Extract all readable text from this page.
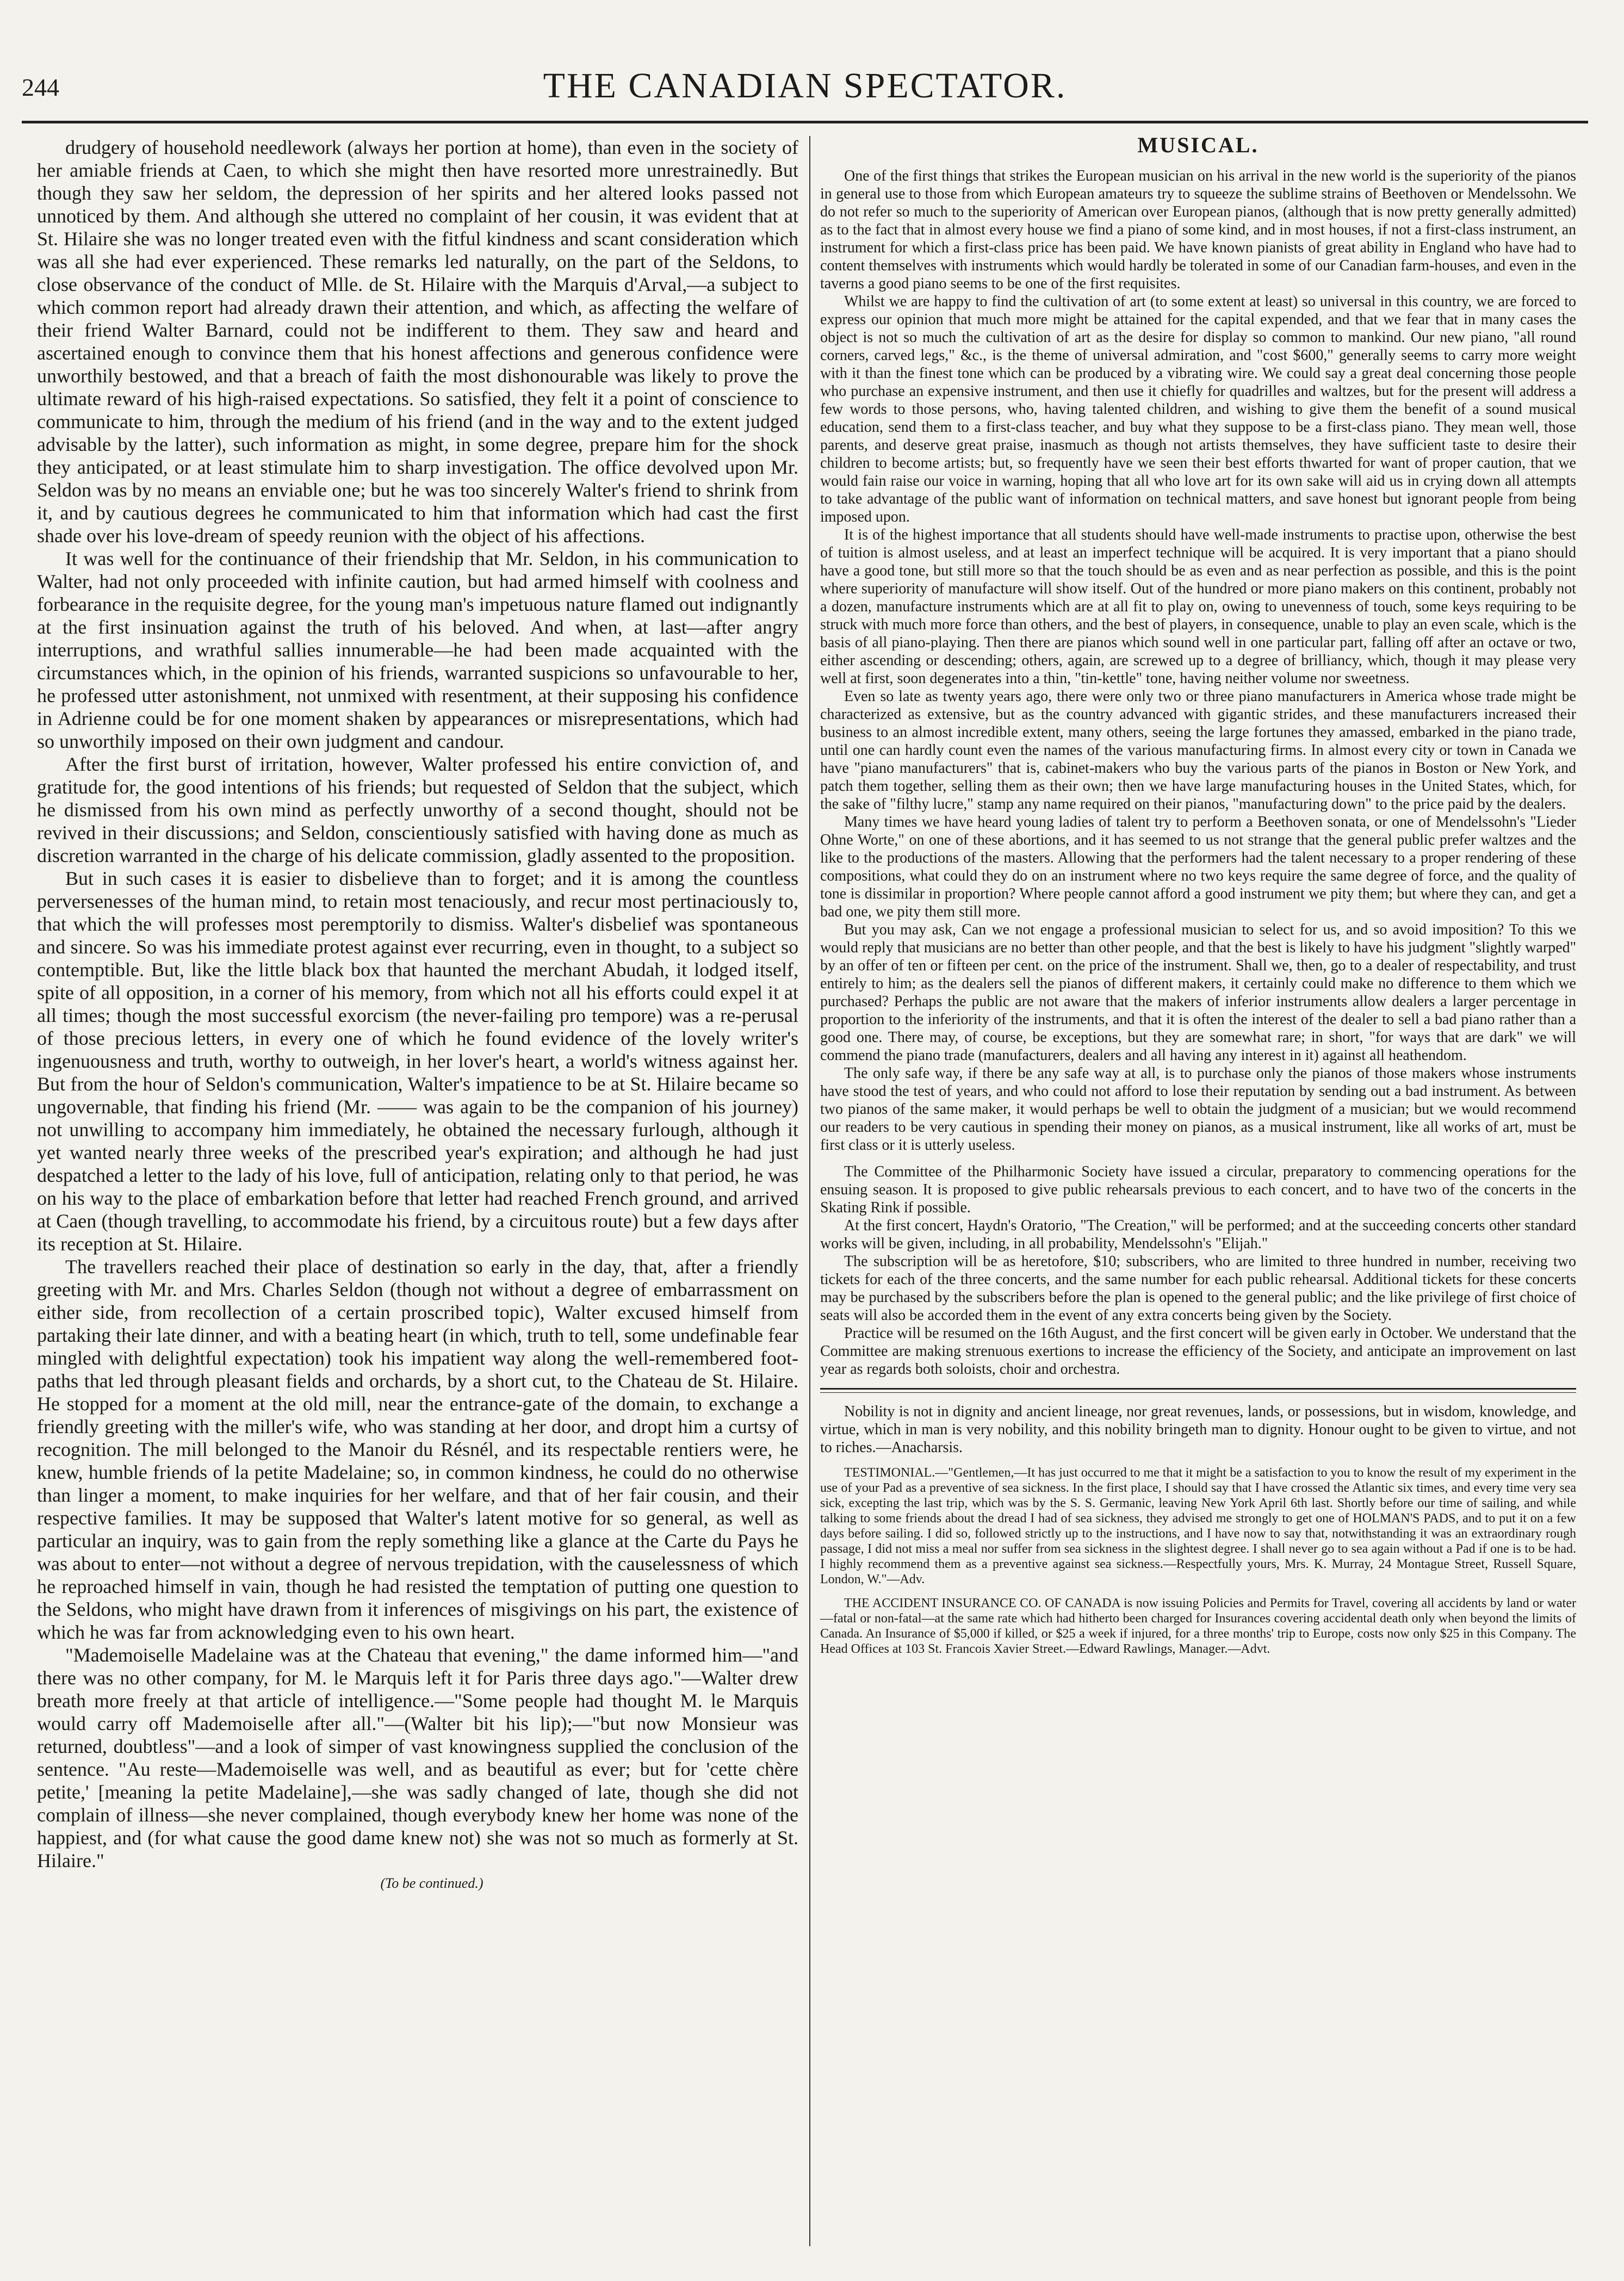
244	THE CANADIAN SPECTATOR.

drudgery of household needlework (always her portion at home), than even in the society of her amiable friends at Caen, to which she might then have resorted more unrestrainedly. But though they saw her seldom, the depression of her spirits and her altered looks passed not unnoticed by them. And although she uttered no complaint of her cousin, it was evident that at St. Hilaire she was no longer treated even with the fitful kindness and scant consideration which was all she had ever experienced. These remarks led naturally, on the part of the Seldons, to close observance of the conduct of Mlle. de St. Hilaire with the Marquis d'Arval,—a subject to which common report had already drawn their attention, and which, as affecting the welfare of their friend Walter Barnard, could not be indifferent to them. They saw and heard and ascertained enough to convince them that his honest affections and generous confidence were unworthily bestowed, and that a breach of faith the most dishonourable was likely to prove the ultimate reward of his high-raised expectations. So satisfied, they felt it a point of conscience to communicate to him, through the medium of his friend (and in the way and to the extent judged advisable by the latter), such information as might, in some degree, prepare him for the shock they anticipated, or at least stimulate him to sharp investigation. The office devolved upon Mr. Seldon was by no means an enviable one; but he was too sincerely Walter's friend to shrink from it, and by cautious degrees he communicated to him that information which had cast the first shade over his love-dream of speedy reunion with the object of his affections.

It was well for the continuance of their friendship that Mr. Seldon, in his communication to Walter, had not only proceeded with infinite caution, but had armed himself with coolness and forbearance in the requisite degree, for the young man's impetuous nature flamed out indignantly at the first insinuation against the truth of his beloved. And when, at last—after angry interruptions, and wrathful sallies innumerable—he had been made acquainted with the circumstances which, in the opinion of his friends, warranted suspicions so unfavourable to her, he professed utter astonishment, not unmixed with resentment, at their supposing his confidence in Adrienne could be for one moment shaken by appearances or misrepresentations, which had so unworthily imposed on their own judgment and candour.

After the first burst of irritation, however, Walter professed his entire conviction of, and gratitude for, the good intentions of his friends; but requested of Seldon that the subject, which he dismissed from his own mind as perfectly unworthy of a second thought, should not be revived in their discussions; and Seldon, conscientiously satisfied with having done as much as discretion warranted in the charge of his delicate commission, gladly assented to the proposition.

But in such cases it is easier to disbelieve than to forget; and it is among the countless perversenesses of the human mind, to retain most tenaciously, and recur most pertinaciously to, that which the will professes most peremptorily to dismiss. Walter's disbelief was spontaneous and sincere. So was his immediate protest against ever recurring, even in thought, to a subject so contemptible. But, like the little black box that haunted the merchant Abudah, it lodged itself, spite of all opposition, in a corner of his memory, from which not all his efforts could expel it at all times; though the most successful exorcism (the never-failing pro tempore) was a re-perusal of those precious letters, in every one of which he found evidence of the lovely writer's ingenuousness and truth, worthy to outweigh, in her lover's heart, a world's witness against her. But from the hour of Seldon's communication, Walter's impatience to be at St. Hilaire became so ungovernable, that finding his friend (Mr. —— was again to be the companion of his journey) not unwilling to accompany him immediately, he obtained the necessary furlough, although it yet wanted nearly three weeks of the prescribed year's expiration; and although he had just despatched a letter to the lady of his love, full of anticipation, relating only to that period, he was on his way to the place of embarkation before that letter had reached French ground, and arrived at Caen (though travelling, to accommodate his friend, by a circuitous route) but a few days after its reception at St. Hilaire.

The travellers reached their place of destination so early in the day, that, after a friendly greeting with Mr. and Mrs. Charles Seldon (though not without a degree of embarrassment on either side, from recollection of a certain proscribed topic), Walter excused himself from partaking their late dinner, and with a beating heart (in which, truth to tell, some undefinable fear mingled with delightful expectation) took his impatient way along the well-remembered foot-paths that led through pleasant fields and orchards, by a short cut, to the Chateau de St. Hilaire. He stopped for a moment at the old mill, near the entrance-gate of the domain, to exchange a friendly greeting with the miller's wife, who was standing at her door, and dropt him a curtsy of recognition. The mill belonged to the Manoir du Résnél, and its respectable rentiers were, he knew, humble friends of la petite Madelaine; so, in common kindness, he could do no otherwise than linger a moment, to make inquiries for her welfare, and that of her fair cousin, and their respective families. It may be supposed that Walter's latent motive for so general, as well as particular an inquiry, was to gain from the reply something like a glance at the Carte du Pays he was about to enter—not without a degree of nervous trepidation, with the causelessness of which he reproached himself in vain, though he had resisted the temptation of putting one question to the Seldons, who might have drawn from it inferences of misgivings on his part, the existence of which he was far from acknowledging even to his own heart.

"Mademoiselle Madelaine was at the Chateau that evening," the dame informed him—"and there was no other company, for M. le Marquis left it for Paris three days ago."—Walter drew breath more freely at that article of intelligence.—"Some people had thought M. le Marquis would carry off Mademoiselle after all."—(Walter bit his lip);—"but now Monsieur was returned, doubtless"—and a look of simper of vast knowingness supplied the conclusion of the sentence. "Au reste—Mademoiselle was well, and as beautiful as ever; but for 'cette chère petite,' [meaning la petite Madelaine],—she was sadly changed of late, though she did not complain of illness—she never complained, though everybody knew her home was none of the happiest, and (for what cause the good dame knew not) she was not so much as formerly at St. Hilaire."

(To be continued.)

MUSICAL.

One of the first things that strikes the European musician on his arrival in the new world is the superiority of the pianos in general use to those from which European amateurs try to squeeze the sublime strains of Beethoven or Mendelssohn. We do not refer so much to the superiority of American over European pianos, (although that is now pretty generally admitted) as to the fact that in almost every house we find a piano of some kind, and in most houses, if not a first-class instrument, an instrument for which a first-class price has been paid. We have known pianists of great ability in England who have had to content themselves with instruments which would hardly be tolerated in some of our Canadian farm-houses, and even in the taverns a good piano seems to be one of the first requisites.

Whilst we are happy to find the cultivation of art (to some extent at least) so universal in this country, we are forced to express our opinion that much more might be attained for the capital expended, and that we fear that in many cases the object is not so much the cultivation of art as the desire for display so common to mankind. Our new piano, "all round corners, carved legs," &c., is the theme of universal admiration, and "cost $600," generally seems to carry more weight with it than the finest tone which can be produced by a vibrating wire. We could say a great deal concerning those people who purchase an expensive instrument, and then use it chiefly for quadrilles and waltzes, but for the present will address a few words to those persons, who, having talented children, and wishing to give them the benefit of a sound musical education, send them to a first-class teacher, and buy what they suppose to be a first-class piano. They mean well, those parents, and deserve great praise, inasmuch as though not artists themselves, they have sufficient taste to desire their children to become artists; but, so frequently have we seen their best efforts thwarted for want of proper caution, that we would fain raise our voice in warning, hoping that all who love art for its own sake will aid us in crying down all attempts to take advantage of the public want of information on technical matters, and save honest but ignorant people from being imposed upon.

It is of the highest importance that all students should have well-made instruments to practise upon, otherwise the best of tuition is almost useless, and at least an imperfect technique will be acquired. It is very important that a piano should have a good tone, but still more so that the touch should be as even and as near perfection as possible, and this is the point where superiority of manufacture will show itself. Out of the hundred or more piano makers on this continent, probably not a dozen, manufacture instruments which are at all fit to play on, owing to unevenness of touch, some keys requiring to be struck with much more force than others, and the best of players, in consequence, unable to play an even scale, which is the basis of all piano-playing. Then there are pianos which sound well in one particular part, falling off after an octave or two, either ascending or descending; others, again, are screwed up to a degree of brilliancy, which, though it may please very well at first, soon degenerates into a thin, "tin-kettle" tone, having neither volume nor sweetness.

Even so late as twenty years ago, there were only two or three piano manufacturers in America whose trade might be characterized as extensive, but as the country advanced with gigantic strides, and these manufacturers increased their business to an almost incredible extent, many others, seeing the large fortunes they amassed, embarked in the piano trade, until one can hardly count even the names of the various manufacturing firms. In almost every city or town in Canada we have "piano manufacturers" that is, cabinet-makers who buy the various parts of the pianos in Boston or New York, and patch them together, selling them as their own; then we have large manufacturing houses in the United States, which, for the sake of "filthy lucre," stamp any name required on their pianos, "manufacturing down" to the price paid by the dealers.

Many times we have heard young ladies of talent try to perform a Beethoven sonata, or one of Mendelssohn's "Lieder Ohne Worte," on one of these abortions, and it has seemed to us not strange that the general public prefer waltzes and the like to the productions of the masters. Allowing that the performers had the talent necessary to a proper rendering of these compositions, what could they do on an instrument where no two keys require the same degree of force, and the quality of tone is dissimilar in proportion? Where people cannot afford a good instrument we pity them; but where they can, and get a bad one, we pity them still more.

But you may ask, Can we not engage a professional musician to select for us, and so avoid imposition? To this we would reply that musicians are no better than other people, and that the best is likely to have his judgment "slightly warped" by an offer of ten or fifteen per cent. on the price of the instrument. Shall we, then, go to a dealer of respectability, and trust entirely to him; as the dealers sell the pianos of different makers, it certainly could make no difference to them which we purchased? Perhaps the public are not aware that the makers of inferior instruments allow dealers a larger percentage in proportion to the inferiority of the instruments, and that it is often the interest of the dealer to sell a bad piano rather than a good one. There may, of course, be exceptions, but they are somewhat rare; in short, "for ways that are dark" we will commend the piano trade (manufacturers, dealers and all having any interest in it) against all heathendom.

The only safe way, if there be any safe way at all, is to purchase only the pianos of those makers whose instruments have stood the test of years, and who could not afford to lose their reputation by sending out a bad instrument. As between two pianos of the same maker, it would perhaps be well to obtain the judgment of a musician; but we would recommend our readers to be very cautious in spending their money on pianos, as a musical instrument, like all works of art, must be first class or it is utterly useless.

The Committee of the Philharmonic Society have issued a circular, preparatory to commencing operations for the ensuing season. It is proposed to give public rehearsals previous to each concert, and to have two of the concerts in the Skating Rink if possible.

At the first concert, Haydn's Oratorio, "The Creation," will be performed; and at the succeeding concerts other standard works will be given, including, in all probability, Mendelssohn's "Elijah."

The subscription will be as heretofore, $10; subscribers, who are limited to three hundred in number, receiving two tickets for each of the three concerts, and the same number for each public rehearsal. Additional tickets for these concerts may be purchased by the subscribers before the plan is opened to the general public; and the like privilege of first choice of seats will also be accorded them in the event of any extra concerts being given by the Society.

Practice will be resumed on the 16th August, and the first concert will be given early in October. We understand that the Committee are making strenuous exertions to increase the efficiency of the Society, and anticipate an improvement on last year as regards both soloists, choir and orchestra.

Nobility is not in dignity and ancient lineage, nor great revenues, lands, or possessions, but in wisdom, knowledge, and virtue, which in man is very nobility, and this nobility bringeth man to dignity. Honour ought to be given to virtue, and not to riches.—Anacharsis.

TESTIMONIAL.—"Gentlemen,—It has just occurred to me that it might be a satisfaction to you to know the result of my experiment in the use of your Pad as a preventive of sea sickness. In the first place, I should say that I have crossed the Atlantic six times, and every time very sea sick, excepting the last trip, which was by the S. S. Germanic, leaving New York April 6th last. Shortly before our time of sailing, and while talking to some friends about the dread I had of sea sickness, they advised me strongly to get one of HOLMAN'S PADS, and to put it on a few days before sailing. I did so, followed strictly up to the instructions, and I have now to say that, notwithstanding it was an extraordinary rough passage, I did not miss a meal nor suffer from sea sickness in the slightest degree. I shall never go to sea again without a Pad if one is to be had. I highly recommend them as a preventive against sea sickness.—Respectfully yours, Mrs. K. Murray, 24 Montague Street, Russell Square, London, W."—Adv.

THE ACCIDENT INSURANCE CO. OF CANADA is now issuing Policies and Permits for Travel, covering all accidents by land or water—fatal or non-fatal—at the same rate which had hitherto been charged for Insurances covering accidental death only when beyond the limits of Canada. An Insurance of $5,000 if killed, or $25 a week if injured, for a three months' trip to Europe, costs now only $25 in this Company. The Head Offices at 103 St. Francois Xavier Street.—Edward Rawlings, Manager.—Advt.
